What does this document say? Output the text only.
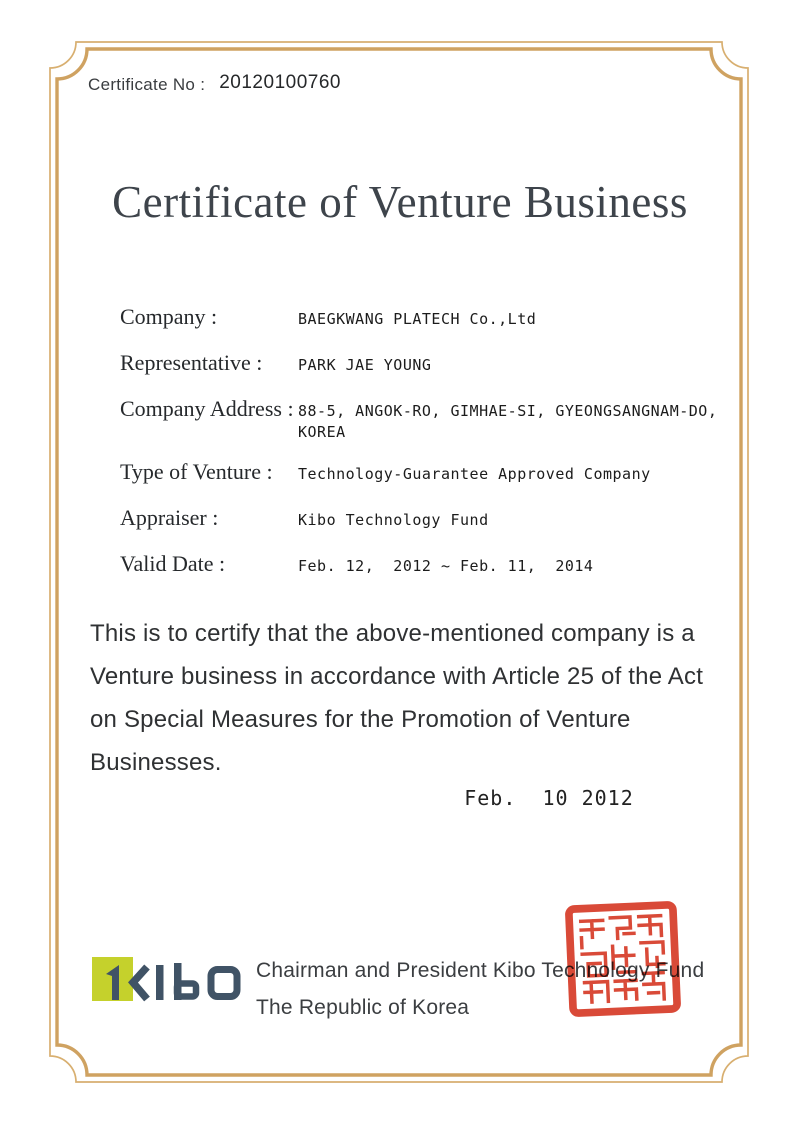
Certificate No : 20120100760
Certificate of Venture Business
Company :	BAEGKWANG PLATECH Co.,Ltd
Representative :	PARK JAE YOUNG
Company Address : 88-5, ANGOK-RO, GIMHAE-SI, GYEONGSANGNAM-DO, KOREA
Type of Venture :	Technology-Guarantee Approved Company
Appraiser :	Kibo Technology Fund
Valid Date :	Feb. 12,  2012 ~ Feb. 11,  2014

This is to certify that the above-mentioned company is a Venture business in accordance with Article 25 of the Act on Special Measures for the Promotion of Venture Businesses.

Feb.  10 2012
Chairman and President Kibo Technology Fund
The Republic of Korea
